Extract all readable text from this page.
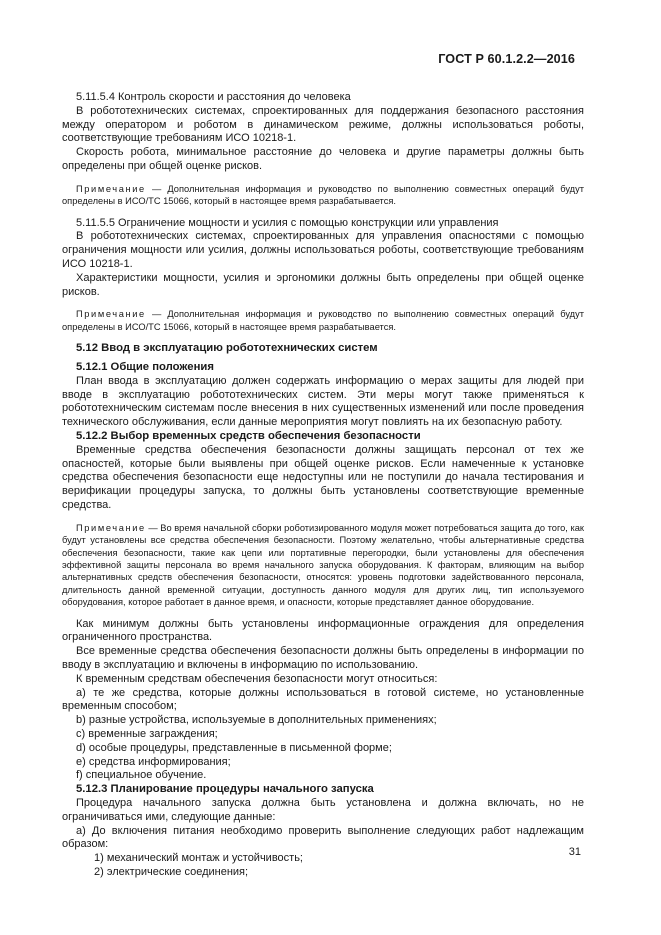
ГОСТ Р 60.1.2.2—2016

5.11.5.4 Контроль скорости и расстояния до человека

В робототехнических системах, спроектированных для поддержания безопасного расстояния между оператором и роботом в динамическом режиме, должны использоваться роботы, соответствующие требованиям ИСО 10218-1.

Скорость робота, минимальное расстояние до человека и другие параметры должны быть определены при общей оценке рисков.

Примечание — Дополнительная информация и руководство по выполнению совместных операций будут определены в ИСО/ТС 15066, который в настоящее время разрабатывается.

5.11.5.5 Ограничение мощности и усилия с помощью конструкции или управления

В робототехнических системах, спроектированных для управления опасностями с помощью ограничения мощности или усилия, должны использоваться роботы, соответствующие требованиям ИСО 10218-1.

Характеристики мощности, усилия и эргономики должны быть определены при общей оценке рисков.

Примечание — Дополнительная информация и руководство по выполнению совместных операций будут определены в ИСО/ТС 15066, который в настоящее время разрабатывается.

5.12 Ввод в эксплуатацию робототехнических систем

5.12.1 Общие положения

План ввода в эксплуатацию должен содержать информацию о мерах защиты для людей при вводе в эксплуатацию робототехнических систем. Эти меры могут также применяться к робототехническим системам после внесения в них существенных изменений или после проведения технического обслуживания, если данные мероприятия могут повлиять на их безопасную работу.

5.12.2 Выбор временных средств обеспечения безопасности

Временные средства обеспечения безопасности должны защищать персонал от тех же опасностей, которые были выявлены при общей оценке рисков. Если намеченные к установке средства обеспечения безопасности еще недоступны или не поступили до начала тестирования и верификации процедуры запуска, то должны быть установлены соответствующие временные средства.

Примечание — Во время начальной сборки роботизированного модуля может потребоваться защита до того, как будут установлены все средства обеспечения безопасности. Поэтому желательно, чтобы альтернативные средства обеспечения безопасности, такие как цепи или портативные перегородки, были установлены для обеспечения эффективной защиты персонала во время начального запуска оборудования. К факторам, влияющим на выбор альтернативных средств обеспечения безопасности, относятся: уровень подготовки задействованного персонала, длительность данной временной ситуации, доступность данного модуля для других лиц, тип используемого оборудования, которое работает в данное время, и опасности, которые представляет данное оборудование.

Как минимум должны быть установлены информационные ограждения для определения ограниченного пространства.

Все временные средства обеспечения безопасности должны быть определены в информации по вводу в эксплуатацию и включены в информацию по использованию.

К временным средствам обеспечения безопасности могут относиться:

a) те же средства, которые должны использоваться в готовой системе, но установленные временным способом;

b) разные устройства, используемые в дополнительных применениях;

c) временные заграждения;

d) особые процедуры, представленные в письменной форме;

e) средства информирования;

f) специальное обучение.

5.12.3 Планирование процедуры начального запуска

Процедура начального запуска должна быть установлена и должна включать, но не ограничиваться ими, следующие данные:

a) До включения питания необходимо проверить выполнение следующих работ надлежащим образом:

1) механический монтаж и устойчивость;

2) электрические соединения;

31
